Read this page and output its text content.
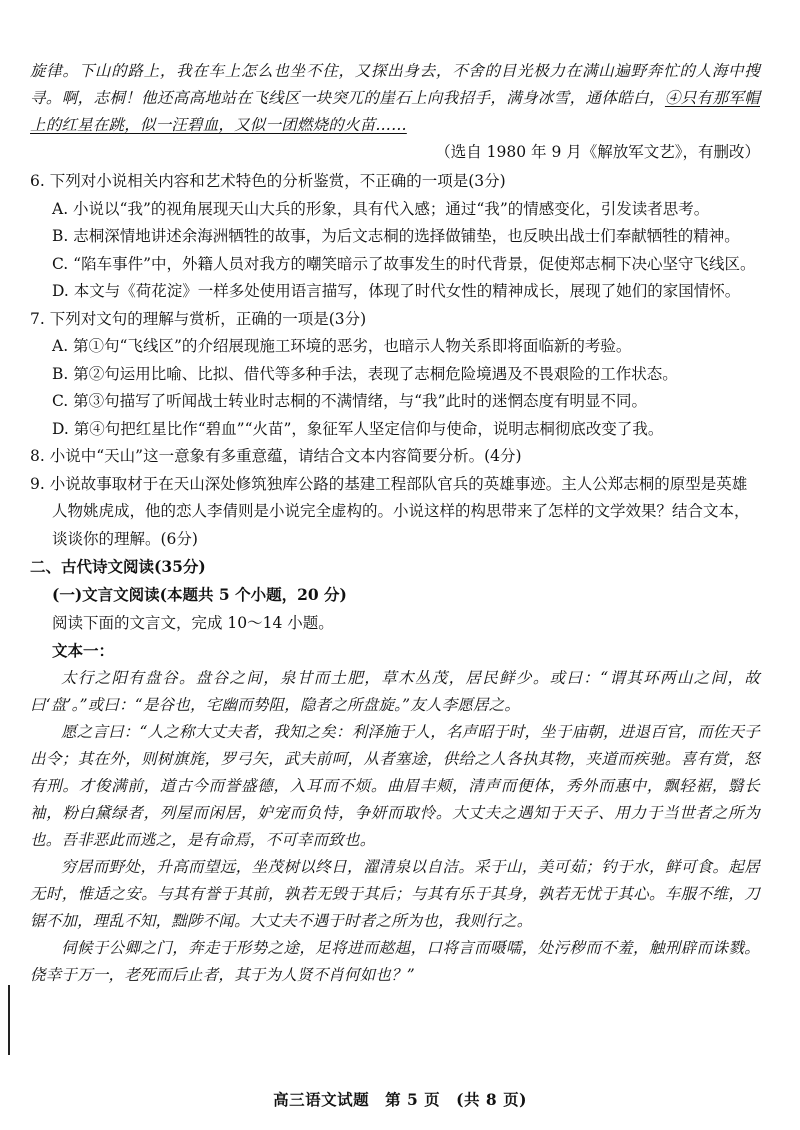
旋律。下山的路上，我在车上怎么也坐不住，又探出身去，不舍的目光极力在满山遍野奔忙的人海中搜寻。啊，志桐！他还高高地站在飞线区一块突兀的崖石上向我招手，满身冰雪，通体皓白，④只有那军帽上的红星在跳，似一汪碧血，又似一团燃烧的火苗……

（选自 1980 年 9 月《解放军文艺》，有删改）

6. 下列对小说相关内容和艺术特色的分析鉴赏，不正确的一项是(3分)

A. 小说以“我”的视角展现天山大兵的形象，具有代入感；通过“我”的情感变化，引发读者思考。

B. 志桐深情地讲述余海洲牺牲的故事，为后文志桐的选择做铺垫，也反映出战士们奉献牺牲的精神。

C. “陷车事件”中，外籍人员对我方的嘲笑暗示了故事发生的时代背景，促使郑志桐下决心坚守飞线区。

D. 本文与《荷花淀》一样多处使用语言描写，体现了时代女性的精神成长，展现了她们的家国情怀。

7. 下列对文句的理解与赏析，正确的一项是(3分)

A. 第①句“飞线区”的介绍展现施工环境的恶劣，也暗示人物关系即将面临新的考验。

B. 第②句运用比喻、比拟、借代等多种手法，表现了志桐危险境遇及不畏艰险的工作状态。

C. 第③句描写了听闻战士转业时志桐的不满情绪，与“我”此时的迷惘态度有明显不同。

D. 第④句把红星比作“碧血”“火苗”，象征军人坚定信仰与使命，说明志桐彻底改变了我。

8. 小说中“天山”这一意象有多重意蕴，请结合文本内容简要分析。(4分)

9. 小说故事取材于在天山深处修筑独库公路的基建工程部队官兵的英雄事迹。主人公郑志桐的原型是英雄人物姚虎成，他的恋人李倩则是小说完全虚构的。小说这样的构思带来了怎样的文学效果？结合文本，谈谈你的理解。(6分)

二、古代诗文阅读(35分)

(一)文言文阅读(本题共 5 个小题，20 分)

阅读下面的文言文，完成 10～14 小题。

文本一：

太行之阳有盘谷。盘谷之间，泉甘而土肥，草木丛茂，居民鲜少。或曰：“谓其环两山之间，故曰‘盘’。”或曰：“是谷也，宅幽而势阻，隐者之所盘旋。”友人李愿居之。

愿之言曰：“人之称大丈夫者，我知之矣：利泽施于人，名声昭于时，坐于庙朝，进退百官，而佐天子出令；其在外，则树旗旄，罗弓矢，武夫前呵，从者塞途，供给之人各执其物，夹道而疾驰。喜有赏，怒有刑。才俊满前，道古今而誉盛德，入耳而不烦。曲眉丰颊，清声而便体，秀外而惠中，飘轻裾，翳长袖，粉白黛绿者，列屋而闲居，妒宠而负恃，争妍而取怜。大丈夫之遇知于天子、用力于当世者之所为也。吾非恶此而逃之，是有命焉，不可幸而致也。

穷居而野处，升高而望远，坐茂树以终日，濯清泉以自洁。采于山，美可茹；钓于水，鲜可食。起居无时，惟适之安。与其有誉于其前，孰若无毁于其后；与其有乐于其身，孰若无忧于其心。车服不维，刀锯不加，理乱不知，黜陟不闻。大丈夫不遇于时者之所为也，我则行之。

伺候于公卿之门，奔走于形势之途，足将进而趑趄，口将言而嗫嚅，处污秽而不羞，触刑辟而诛戮。侥幸于万一，老死而后止者，其于为人贤不肖何如也？”

高三语文试题　第 5 页　(共 8 页)
